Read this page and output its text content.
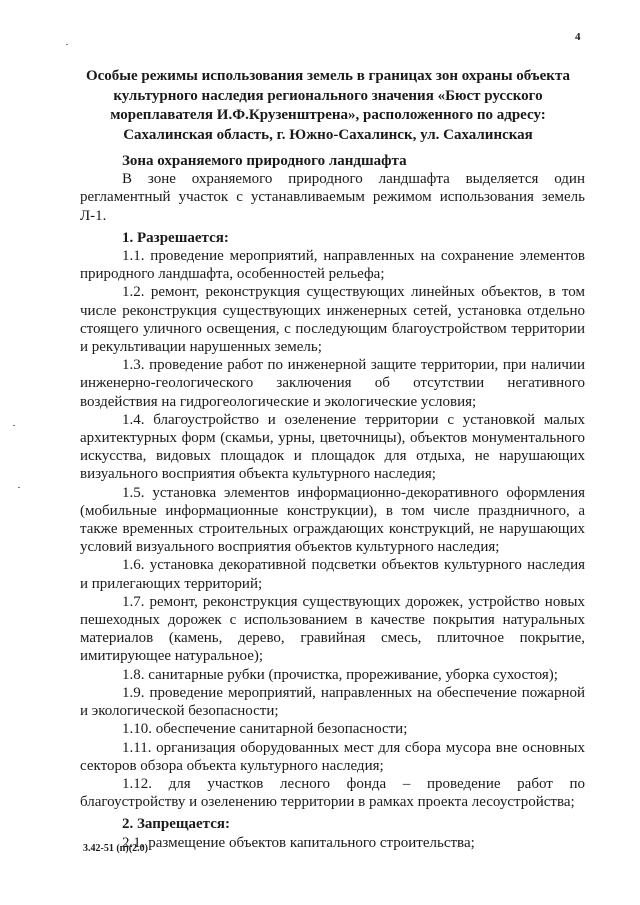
4
Особые режимы использования земель в границах зон охраны объекта культурного наследия регионального значения «Бюст русского мореплавателя И.Ф.Крузенштрена», расположенного по адресу: Сахалинская область, г. Южно-Сахалинск, ул. Сахалинская
Зона охраняемого природного ландшафта

В зоне охраняемого природного ландшафта выделяется один регламентный участок с устанавливаемым режимом использования земель Л-1.

1. Разрешается:

1.1. проведение мероприятий, направленных на сохранение элементов природного ландшафта, особенностей рельефа;

1.2. ремонт, реконструкция существующих линейных объектов, в том числе реконструкция существующих инженерных сетей, установка отдельно стоящего уличного освещения, с последующим благоустройством территории и рекультивации нарушенных земель;

1.3. проведение работ по инженерной защите территории, при наличии инженерно-геологического заключения об отсутствии негативного воздействия на гидрогеологические и экологические условия;

1.4. благоустройство и озеленение территории с установкой малых архитектурных форм (скамьи, урны, цветочницы), объектов монументального искусства, видовых площадок и площадок для отдыха, не нарушающих визуального восприятия объекта культурного наследия;

1.5. установка элементов информационно-декоративного оформления (мобильные информационные конструкции), в том числе праздничного, а также временных строительных ограждающих конструкций, не нарушающих условий визуального восприятия объектов культурного наследия;

1.6. установка декоративной подсветки объектов культурного наследия и прилегающих территорий;

1.7. ремонт, реконструкция существующих дорожек, устройство новых пешеходных дорожек с использованием в качестве покрытия натуральных материалов (камень, дерево, гравийная смесь, плиточное покрытие, имитирующее натуральное);

1.8. санитарные рубки (прочистка, прореживание, уборка сухостоя);

1.9. проведение мероприятий, направленных на обеспечение пожарной и экологической безопасности;

1.10. обеспечение санитарной безопасности;

1.11. организация оборудованных мест для сбора мусора вне основных секторов обзора объекта культурного наследия;

1.12. для участков лесного фонда – проведение работ по благоустройству и озеленению территории в рамках проекта лесоустройства;

2. Запрещается:

2.1. размещение объектов капитального строительства;

3.42-51 (п)(2.0)
